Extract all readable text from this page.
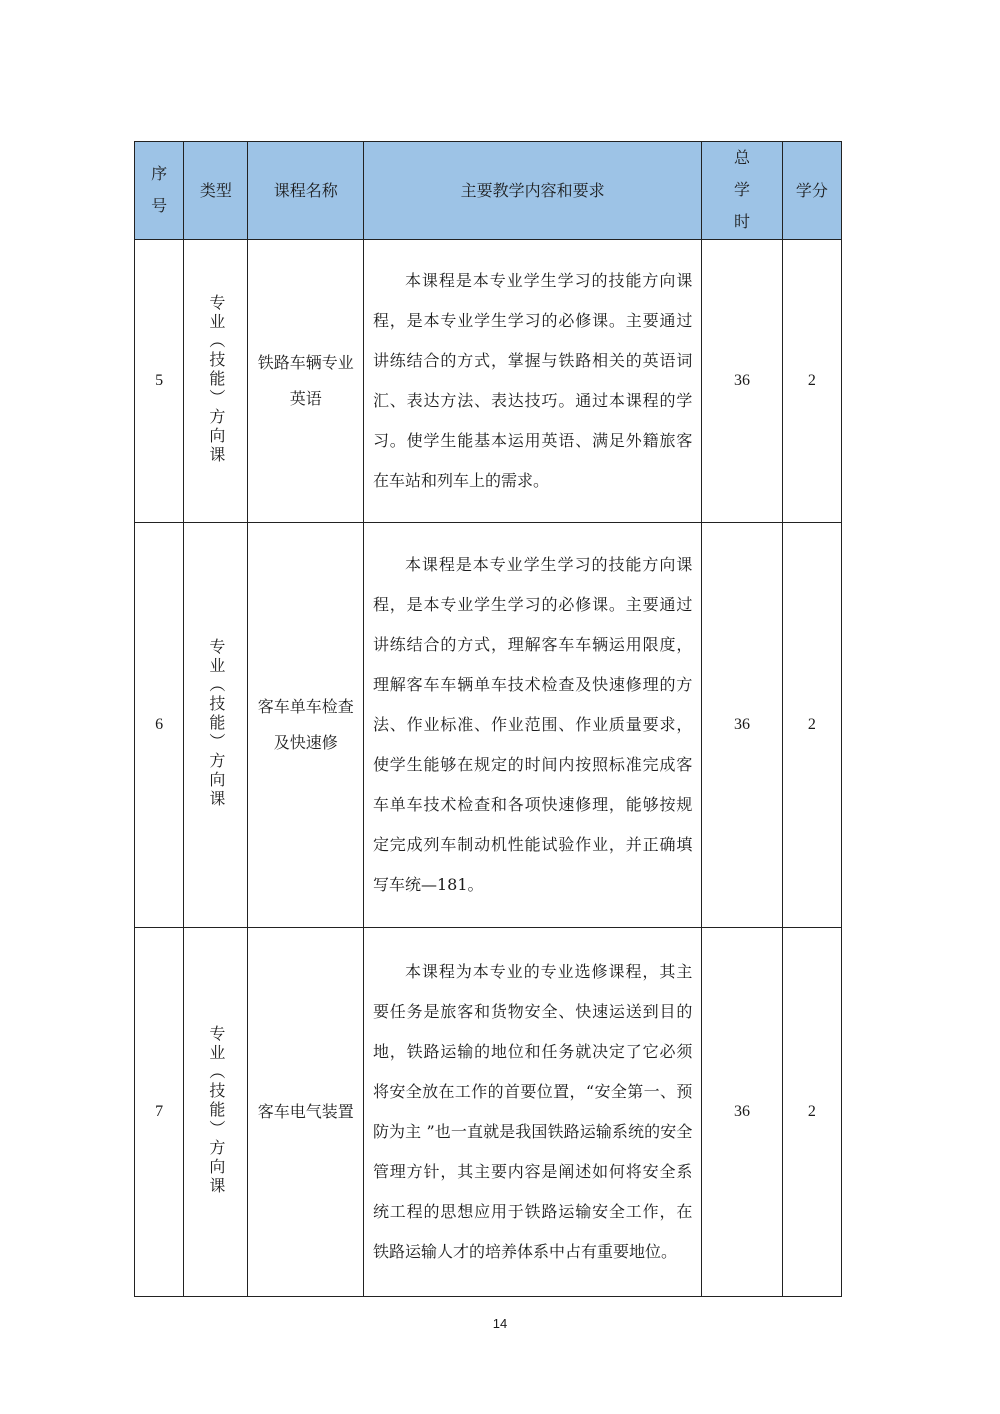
序号	类型	课程名称	主要教学内容和要求	总学时	学分
5	专业（技能）方向课	铁路车辆专业英语	本课程是本专业学生学习的技能方向课程，是本专业学生学习的必修课。主要通过讲练结合的方式，掌握与铁路相关的英语词汇、表达方法、表达技巧。通过本课程的学习。使学生能基本运用英语、满足外籍旅客在车站和列车上的需求。	36	2
6	专业（技能）方向课	客车单车检查及快速修	本课程是本专业学生学习的技能方向课程，是本专业学生学习的必修课。主要通过讲练结合的方式，理解客车车辆运用限度，理解客车车辆单车技术检查及快速修理的方法、作业标准、作业范围、作业质量要求，使学生能够在规定的时间内按照标准完成客车单车技术检查和各项快速修理，能够按规定完成列车制动机性能试验作业，并正确填写车统—181。	36	2
7	专业（技能）方向课	客车电气装置	本课程为本专业的专业选修课程，其主要任务是旅客和货物安全、快速运送到目的地，铁路运输的地位和任务就决定了它必须将安全放在工作的首要位置，“安全第一、预防为主 ”也一直就是我国铁路运输系统的安全管理方针，其主要内容是阐述如何将安全系统工程的思想应用于铁路运输安全工作，在铁路运输人才的培养体系中占有重要地位。	36	2
14
